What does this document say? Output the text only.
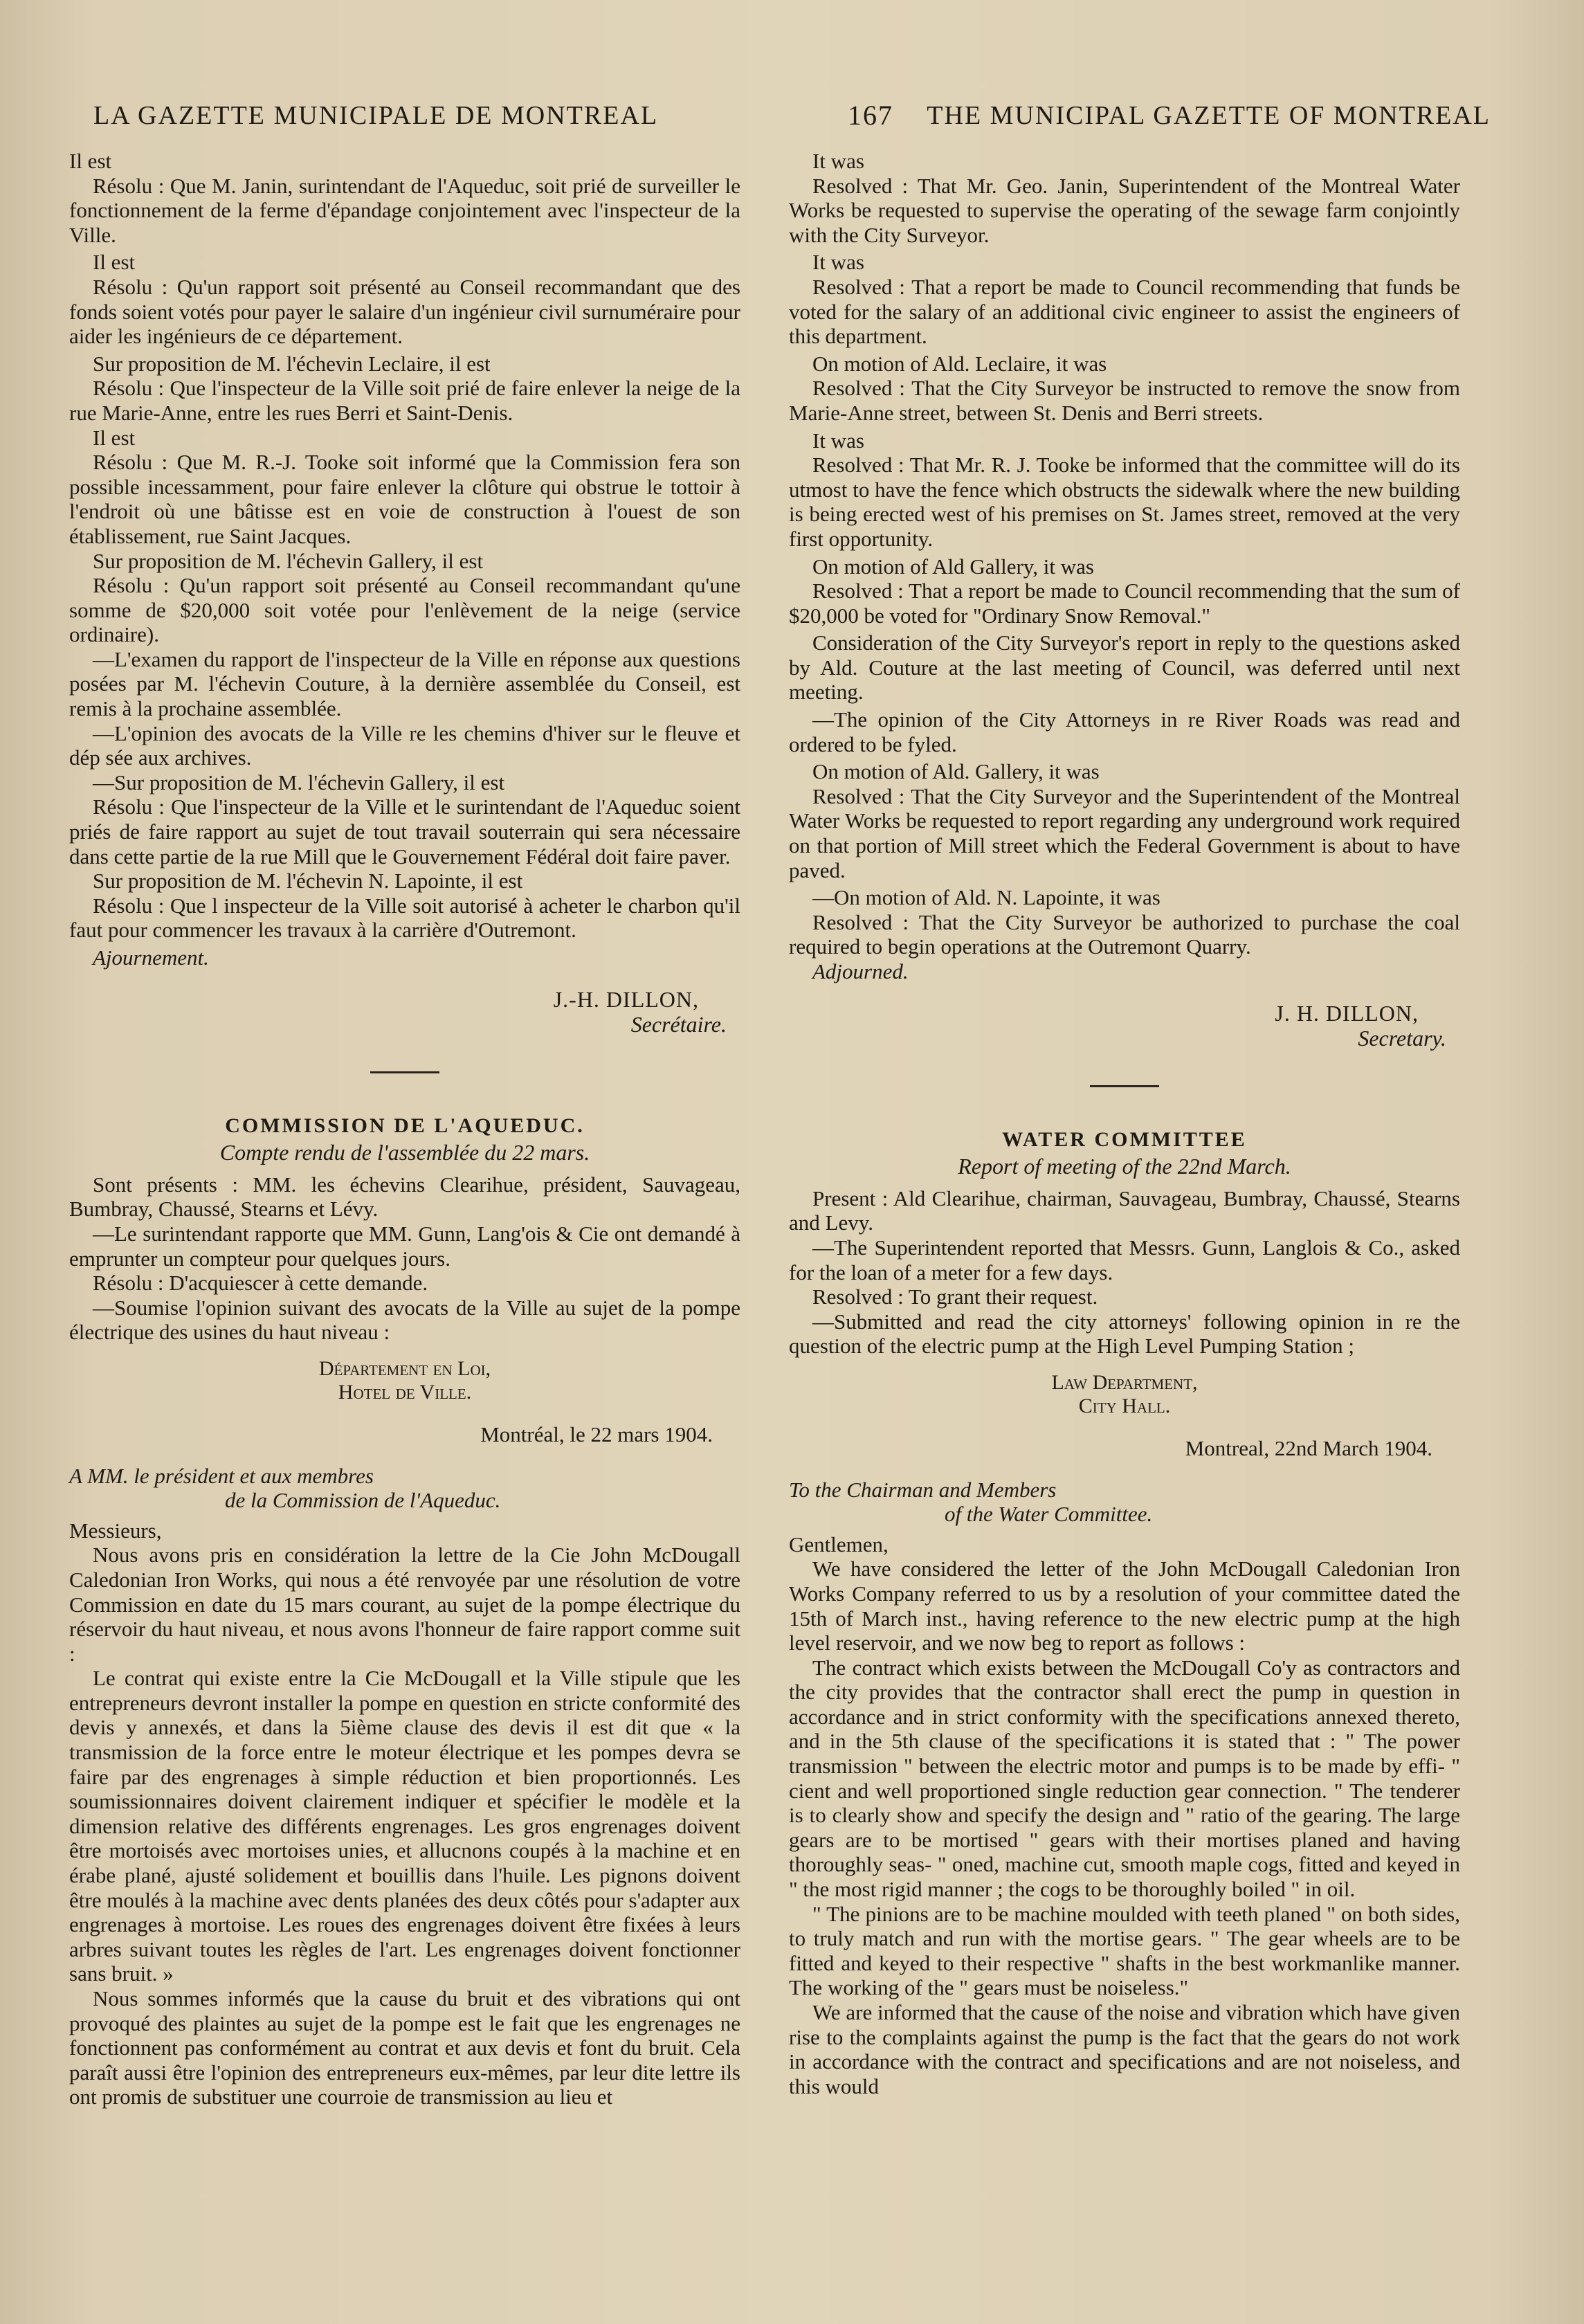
LA GAZETTE MUNICIPALE DE MONTREAL	167 THE MUNICIPAL GAZETTE OF MONTREAL

Il est

Résolu : Que M. Janin, surintendant de l'Aqueduc, soit prié de surveiller le fonctionnement de la ferme d'épandage conjointement avec l'inspecteur de la Ville.

Il est

Résolu : Qu'un rapport soit présenté au Conseil recommandant que des fonds soient votés pour payer le salaire d'un ingénieur civil surnuméraire pour aider les ingénieurs de ce département.

Sur proposition de M. l'échevin Leclaire, il est

Résolu : Que l'inspecteur de la Ville soit prié de faire enlever la neige de la rue Marie-Anne, entre les rues Berri et Saint-Denis.

Il est

Résolu : Que M. R.-J. Tooke soit informé que la Commission fera son possible incessamment, pour faire enlever la clôture qui obstrue le tottoir à l'endroit où une bâtisse est en voie de construction à l'ouest de son établissement, rue Saint Jacques.

Sur proposition de M. l'échevin Gallery, il est

Résolu : Qu'un rapport soit présenté au Conseil recommandant qu'une somme de $20,000 soit votée pour l'enlèvement de la neige (service ordinaire).

—L'examen du rapport de l'inspecteur de la Ville en réponse aux questions posées par M. l'échevin Couture, à la dernière assemblée du Conseil, est remis à la prochaine assemblée.

—L'opinion des avocats de la Ville re les chemins d'hiver sur le fleuve et dép sée aux archives.

—Sur proposition de M. l'échevin Gallery, il est

Résolu : Que l'inspecteur de la Ville et le surintendant de l'Aqueduc soient priés de faire rapport au sujet de tout travail souterrain qui sera nécessaire dans cette partie de la rue Mill que le Gouvernement Fédéral doit faire paver.

Sur proposition de M. l'échevin N. Lapointe, il est

Résolu : Que l inspecteur de la Ville soit autorisé à acheter le charbon qu'il faut pour commencer les travaux à la carrière d'Outremont.

Ajournement.

J.-H. DILLON,
Secrétaire.
COMMISSION DE L'AQUEDUC.
Compte rendu de l'assemblée du 22 mars.

Sont présents : MM. les échevins Clearihue, président, Sauvageau, Bumbray, Chaussé, Stearns et Lévy.

—Le surintendant rapporte que MM. Gunn, Lang'ois & Cie ont demandé à emprunter un compteur pour quelques jours.

Résolu : D'acquiescer à cette demande.

—Soumise l'opinion suivant des avocats de la Ville au sujet de la pompe électrique des usines du haut niveau :

Département en Loi,
Hotel de Ville.
Montréal, le 22 mars 1904.
A MM. le président et aux membres
de la Commission de l'Aqueduc.

Messieurs,

Nous avons pris en considération la lettre de la Cie John McDougall Caledonian Iron Works, qui nous a été renvoyée par une résolution de votre Commission en date du 15 mars courant, au sujet de la pompe électrique du réservoir du haut niveau, et nous avons l'honneur de faire rapport comme suit :

Le contrat qui existe entre la Cie McDougall et la Ville stipule que les entrepreneurs devront installer la pompe en question en stricte conformité des devis y annexés, et dans la 5ième clause des devis il est dit que « la transmission de la force entre le moteur électrique et les pompes devra se faire par des engrenages à simple réduction et bien proportionnés. Les soumissionnaires doivent clairement indiquer et spécifier le modèle et la dimension relative des différents engrenages. Les gros engrenages doivent être mortoisés avec mortoises unies, et allucnons coupés à la machine et en érabe plané, ajusté solidement et bouillis dans l'huile. Les pignons doivent être moulés à la machine avec dents planées des deux côtés pour s'adapter aux engrenages à mortoise. Les roues des engrenages doivent être fixées à leurs arbres suivant toutes les règles de l'art. Les engrenages doivent fonctionner sans bruit. »

Nous sommes informés que la cause du bruit et des vibrations qui ont provoqué des plaintes au sujet de la pompe est le fait que les engrenages ne fonctionnent pas conformément au contrat et aux devis et font du bruit. Cela paraît aussi être l'opinion des entrepreneurs eux-mêmes, par leur dite lettre ils ont promis de substituer une courroie de transmission au lieu et

It was

Resolved : That Mr. Geo. Janin, Superintendent of the Montreal Water Works be requested to supervise the operating of the sewage farm conjointly with the City Surveyor.

It was

Resolved : That a report be made to Council recommending that funds be voted for the salary of an additional civic engineer to assist the engineers of this department.

On motion of Ald. Leclaire, it was

Resolved : That the City Surveyor be instructed to remove the snow from Marie-Anne street, between St. Denis and Berri streets.

It was

Resolved : That Mr. R. J. Tooke be informed that the committee will do its utmost to have the fence which obstructs the sidewalk where the new building is being erected west of his premises on St. James street, removed at the very first opportunity.

On motion of Ald Gallery, it was

Resolved : That a report be made to Council recommending that the sum of $20,000 be voted for "Ordinary Snow Removal."

Consideration of the City Surveyor's report in reply to the questions asked by Ald. Couture at the last meeting of Council, was deferred until next meeting.

—The opinion of the City Attorneys in re River Roads was read and ordered to be fyled.

On motion of Ald. Gallery, it was

Resolved : That the City Surveyor and the Superintendent of the Montreal Water Works be requested to report regarding any underground work required on that portion of Mill street which the Federal Government is about to have paved.

—On motion of Ald. N. Lapointe, it was

Resolved : That the City Surveyor be authorized to purchase the coal required to begin operations at the Outremont Quarry.

Adjourned.

J. H. DILLON,
Secretary.
WATER COMMITTEE
Report of meeting of the 22nd March.

Present : Ald Clearihue, chairman, Sauvageau, Bumbray, Chaussé, Stearns and Levy.

—The Superintendent reported that Messrs. Gunn, Langlois & Co., asked for the loan of a meter for a few days.

Resolved : To grant their request.

—Submitted and read the city attorneys' following opinion in re the question of the electric pump at the High Level Pumping Station ;

Law Department,
City Hall.
Montreal, 22nd March 1904.
To the Chairman and Members
of the Water Committee.

Gentlemen,

We have considered the letter of the John McDougall Caledonian Iron Works Company referred to us by a resolution of your committee dated the 15th of March inst., having reference to the new electric pump at the high level reservoir, and we now beg to report as follows :

The contract which exists between the McDougall Co'y as contractors and the city provides that the contractor shall erect the pump in question in accordance and in strict conformity with the specifications annexed thereto, and in the 5th clause of the specifications it is stated that : " The power transmission " between the electric motor and pumps is to be made by effi- " cient and well proportioned single reduction gear connection. " The tenderer is to clearly show and specify the design and " ratio of the gearing. The large gears are to be mortised " gears with their mortises planed and having thoroughly seas- " oned, machine cut, smooth maple cogs, fitted and keyed in " the most rigid manner ; the cogs to be thoroughly boiled " in oil.

" The pinions are to be machine moulded with teeth planed " on both sides, to truly match and run with the mortise gears. " The gear wheels are to be fitted and keyed to their respective " shafts in the best workmanlike manner. The working of the " gears must be noiseless."

We are informed that the cause of the noise and vibration which have given rise to the complaints against the pump is the fact that the gears do not work in accordance with the contract and specifications and are not noiseless, and this would
